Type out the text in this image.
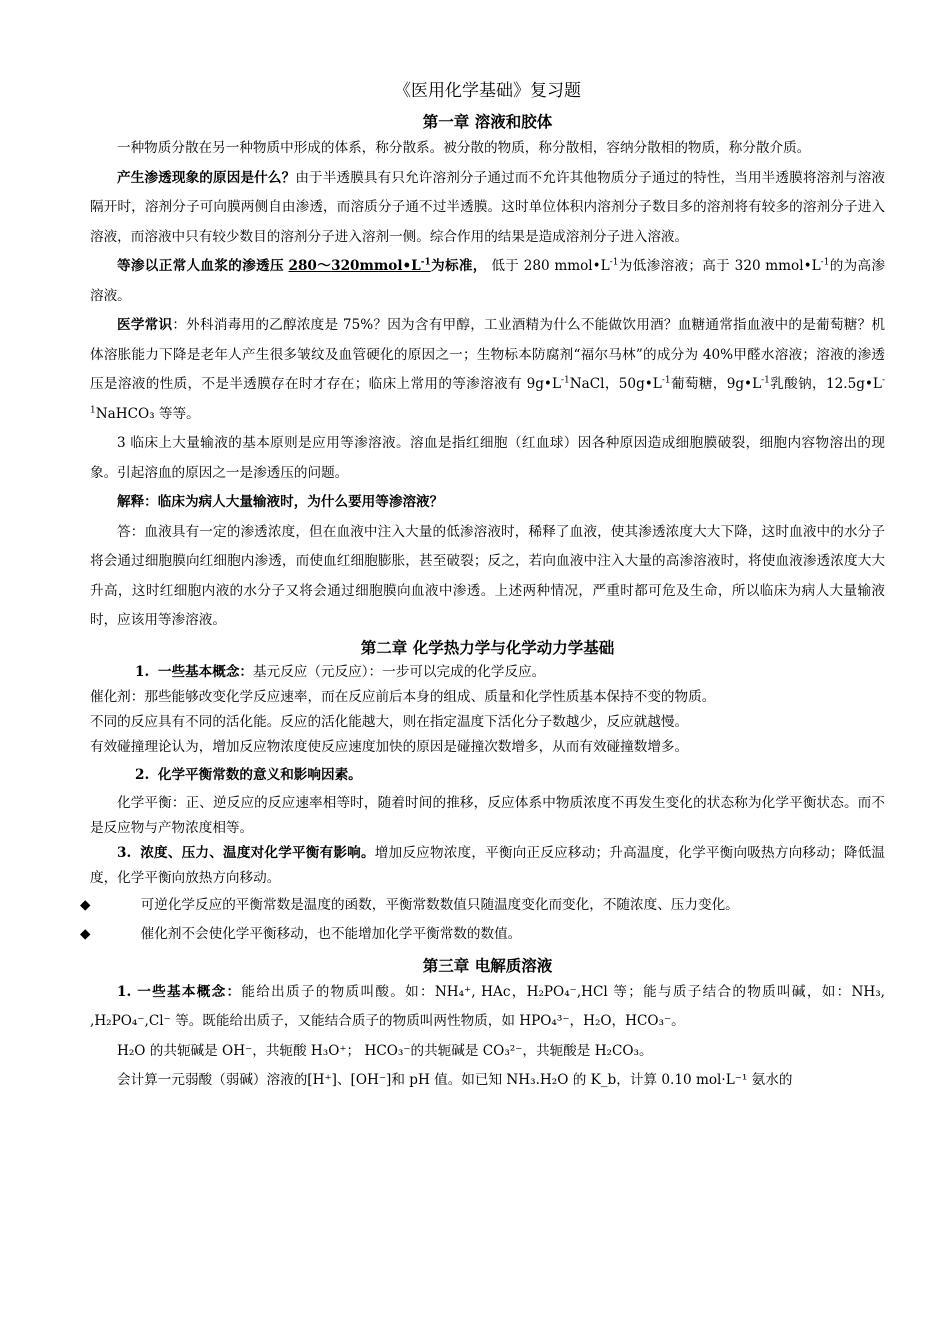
《医用化学基础》复习题
第一章 溶液和胶体

一种物质分散在另一种物质中形成的体系，称分散系。被分散的物质，称分散相，容纳分散相的物质，称分散介质。

产生渗透现象的原因是什么？由于半透膜具有只允许溶剂分子通过而不允许其他物质分子通过的特性，当用半透膜将溶剂与溶液隔开时，溶剂分子可向膜两侧自由渗透，而溶质分子通不过半透膜。这时单位体积内溶剂分子数目多的溶剂将有较多的溶剂分子进入溶液，而溶液中只有较少数目的溶剂分子进入溶剂一侧。综合作用的结果是造成溶剂分子进入溶液。

等渗以正常人血浆的渗透压 $280\sim 320mmol•L^{-1}$为标准， 低于 280 $mmol•L^{-1}$为低渗溶液；高于 320 $mmol•L^{-1}$的为高渗溶液。

医学常识：外科消毒用的乙醇浓度是 75%？因为含有甲醇，工业酒精为什么不能做饮用酒？血糖通常指血液中的是葡萄糖？机体溶胀能力下降是老年人产生很多皱纹及血管硬化的原因之一；生物标本防腐剂“福尔马林”的成分为 40%甲醛水溶液；溶液的渗透压是溶液的性质，不是半透膜存在时才存在；临床上常用的等渗溶液有 $9g•L^{-1}NaCl$，$50g•L^{-1}$葡萄糖，$9g•L^{-1}$乳酸钠，$12.5g•L^{-1}NaHCO_3$ 等等。

3 临床上大量输液的基本原则是应用等渗溶液。溶血是指红细胞（红血球）因各种原因造成细胞膜破裂，细胞内容物溶出的现象。引起溶血的原因之一是渗透压的问题。

解释：临床为病人大量输液时，为什么要用等渗溶液？

答：血液具有一定的渗透浓度，但在血液中注入大量的低渗溶液时，稀释了血液，使其渗透浓度大大下降，这时血液中的水分子将会通过细胞膜向红细胞内渗透，而使血红细胞膨胀，甚至破裂；反之，若向血液中注入大量的高渗溶液时，将使血液渗透浓度大大升高，这时红细胞内液的水分子又将会通过细胞膜向血液中渗透。上述两种情况，严重时都可危及生命，所以临床为病人大量输液时，应该用等渗溶液。

第二章 化学热力学与化学动力学基础

1. 一些基本概念：基元反应（元反应）：一步可以完成的化学反应。

催化剂：那些能够改变化学反应速率，而在反应前后本身的组成、质量和化学性质基本保持不变的物质。

不同的反应具有不同的活化能。反应的活化能越大，则在指定温度下活化分子数越少，反应就越慢。

有效碰撞理论认为，增加反应物浓度使反应速度加快的原因是碰撞次数增多，从而有效碰撞数增多。

2. 化学平衡常数的意义和影响因素。

化学平衡：正、逆反应的反应速率相等时，随着时间的推移，反应体系中物质浓度不再发生变化的状态称为化学平衡状态。而不是反应物与产物浓度相等。

3. 浓度、压力、温度对化学平衡有影响。增加反应物浓度，平衡向正反应移动；升高温度，化学平衡向吸热方向移动；降低温度，化学平衡向放热方向移动。

◆	可逆化学反应的平衡常数是温度的函数，平衡常数数值只随温度变化而变化，不随浓度、压力变化。

◆	催化剂不会使化学平衡移动，也不能增加化学平衡常数的数值。

第三章 电解质溶液

1. 一些基本概念：能给出质子的物质叫酸。如：NH₄⁺, HAc，H₂PO₄⁻,HCl 等；能与质子结合的物质叫碱，如：NH₃, ,H₂PO₄⁻,Cl⁻ 等。既能给出质子，又能结合质子的物质叫两性物质，如 HPO₄³⁻，H₂O，HCO₃⁻。

H₂O 的共轭碱是 OH⁻，共轭酸 H₃O⁺； HCO₃⁻的共轭碱是 CO₃²⁻，共轭酸是 H₂CO₃。

会计算一元弱酸（弱碱）溶液的[H⁺]、[OH⁻]和 pH 值。如已知 NH₃.H₂O 的 K_b，计算 0.10 mol·L⁻¹ 氨水的
